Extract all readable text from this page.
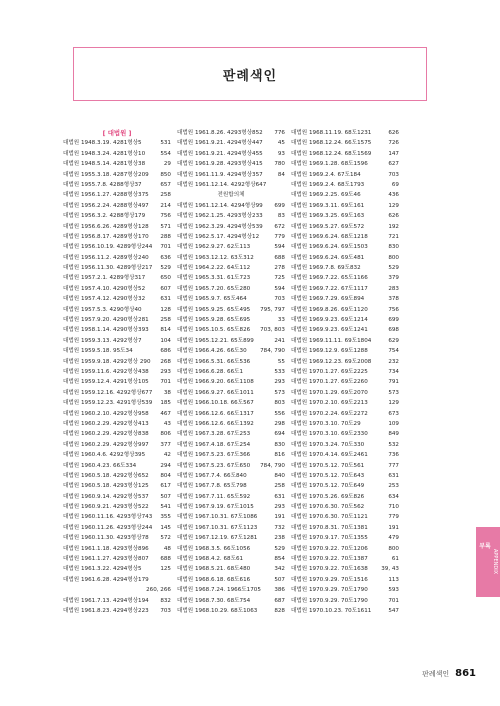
판례색인
[ 대법원 ]
대법원 1948.3.19. 4281형상5	531
대법원 1948.3.24. 4281형상10	554
대법원 1948.5.14. 4281형상38	29
대법원 1955.3.18. 4287형상209	850
대법원 1955.7.8. 4288형상37	657
대법원 1956.1.27. 4288형상375	258
대법원 1956.2.24. 4288형상497	214
대법원 1956.3.2. 4288형상179	756
대법원 1956.6.26. 4289형상128	571
대법원 1956.8.17. 4289형상170	288
대법원 1956.10.19. 4289형상244	701
대법원 1956.11.2. 4289형상240	636
대법원 1956.11.30. 4289형상217	529
대법원 1957.2.1. 4289형상317	650
대법원 1957.4.10. 4290형상52	607
대법원 1957.4.12. 4290형상32	631
대법원 1957.5.3. 4290형상40	128
대법원 1957.9.20. 4290형상281	258
대법원 1958.1.14. 4290형상393	814
대법원 1959.3.13. 4292형상7	104
대법원 1959.5.18. 95도34	686
대법원 1959.9.18. 4292형상 290	268
대법원 1959.11.6. 4292형상438	293
대법원 1959.12.4. 4291형상105	701
대법원 1959.12.16. 4292형상677	38
대법원 1959.12.23. 4291형상539	185
대법원 1960.2.10. 4292형상958	467
대법원 1960.2.29. 4292형상413	43
대법원 1960.2.29. 4292형상838	806
대법원 1960.2.29. 4292형상997	377
대법원 1960.4.6. 4292형상395	42
대법원 1960.4.23. 66도334	294
대법원 1960.5.18. 4292형상652	804
대법원 1960.5.18. 4293형상125	617
대법원 1960.9.14. 4292형상537	507
대법원 1960.9.21. 4293형상522	541
대법원 1960.11.16. 4293형상743	355
대법원 1960.11.26. 4293형상244	145
대법원 1960.11.30. 4293형상78	572
대법원 1961.1.18. 4293형상896	48
대법원 1961.1.27. 4293형상807	688
대법원 1961.3.22. 4294형상5	125
대법원 1961.6.28. 4294형상179
260, 266
대법원 1961.7.13. 4294형상194	832
대법원 1961.8.23. 4294형상223	703
대법원 1961.8.26. 4293형상852	776
대법원 1961.9.21. 4294형상447	45
대법원 1961.9.21. 4294형상455	93
대법원 1961.9.28. 4293형상415	780
대법원 1961.11.9. 4294형상357	84
대법원 1961.12.14. 4292형상647
전원합의체
대법원 1961.12.14. 4294형상99	699
대법원 1962.1.25. 4293형상233	83
대법원 1962.3.29. 4294형상539	672
대법원 1962.5.17. 4294형상12	779
대법원 1962.9.27. 62도113	594
대법원 1963.12.12. 63도312	688
대법원 1964.2.22. 64도112	278
대법원 1965.3.31. 61도723	725
대법원 1965.7.20. 65도280	594
대법원 1965.9.7. 65도464	703
대법원 1965.9.25. 65도495	795, 797
대법원 1965.9.28. 65도695	33
대법원 1965.10.5. 65도826	703, 803
대법원 1965.12.21. 65도899	241
대법원 1966.4.26. 66도30	784, 790
대법원 1966.5.31. 66도536	55
대법원 1966.6.28. 66도1	533
대법원 1966.9.20. 66도1108	293
대법원 1966.9.27. 66도1011	573
대법원 1966.10.18. 66도567	803
대법원 1966.12.6. 66도1317	556
대법원 1966.12.6. 66도1392	298
대법원 1967.3.28. 67도253	694
대법원 1967.4.18. 67도254	830
대법원 1967.5.23. 67도366	816
대법원 1967.5.23. 67도650	784, 790
대법원 1967.7.4. 66도840	840
대법원 1967.7.8. 65도798	258
대법원 1967.7.11. 65도592	631
대법원 1967.9.19. 67도1015	293
대법원 1967.10.31. 67도1086	191
대법원 1967.10.31. 67도1123	732
대법원 1967.12.19. 67도1281	238
대법원 1968.3.5. 66도1056	529
대법원 1968.4.2. 68도61	854
대법원 1968.5.21. 68도480	342
대법원 1968.6.18. 68도616	507
대법원 1968.7.24. 1966도1705	386
대법원 1968.7.30. 68도754	687
대법원 1968.10.29. 68도1063	828
대법원 1968.11.19. 68도1231	626
대법원 1968.12.24. 66도1575	726
대법원 1968.12.24. 68도1569	147
대법원 1969.1.28. 68도1596	627
대법원 1969.2.4. 67도184	703
대법원 1969.2.4. 68도1793	69
대법원 1969.2.25. 69도46	436
대법원 1969.3.11. 69도161	129
대법원 1969.3.25. 69도163	626
대법원 1969.5.27. 69도572	192
대법원 1969.6.24. 68도1218	721
대법원 1969.6.24. 69도1503	830
대법원 1969.6.24. 69도481	800
대법원 1969.7.8. 69도832	529
대법원 1969.7.22. 65도1166	379
대법원 1969.7.22. 67도1117	283
대법원 1969.7.29. 69도894	378
대법원 1969.8.26. 69도1120	756
대법원 1969.9.23. 69도1214	699
대법원 1969.9.23. 69도1241	698
대법원 1969.11.11. 69도1804	629
대법원 1969.12.9. 69도1288	754
대법원 1969.12.23. 69도2008	232
대법원 1970.1.27. 69도2225	734
대법원 1970.1.27. 69도2260	791
대법원 1970.1.29. 69도2070	573
대법원 1970.2.10. 69도2213	129
대법원 1970.2.24. 69도2272	673
대법원 1970.3.10. 70도29	109
대법원 1970.3.10. 69도2330	849
대법원 1970.3.24. 70도330	532
대법원 1970.4.14. 69도2461	736
대법원 1970.5.12. 70도561	777
대법원 1970.5.12. 70도643	631
대법원 1970.5.12. 70도649	253
대법원 1970.5.26. 69도826	634
대법원 1970.6.30. 70도562	710
대법원 1970.6.30. 70도1121	779
대법원 1970.8.31. 70도1381	191
대법원 1970.9.17. 70도1355	479
대법원 1970.9.22. 70도1206	800
대법원 1970.9.22. 70도1387	61
대법원 1970.9.22. 70도1638	39, 43
대법원 1970.9.29. 70도1516	113
대법원 1970.9.29. 70도1790	593
대법원 1970.9.29. 70도1790	701
대법원 1970.10.23. 70도1611	547
부록
APPENDIX
판례색인 861
